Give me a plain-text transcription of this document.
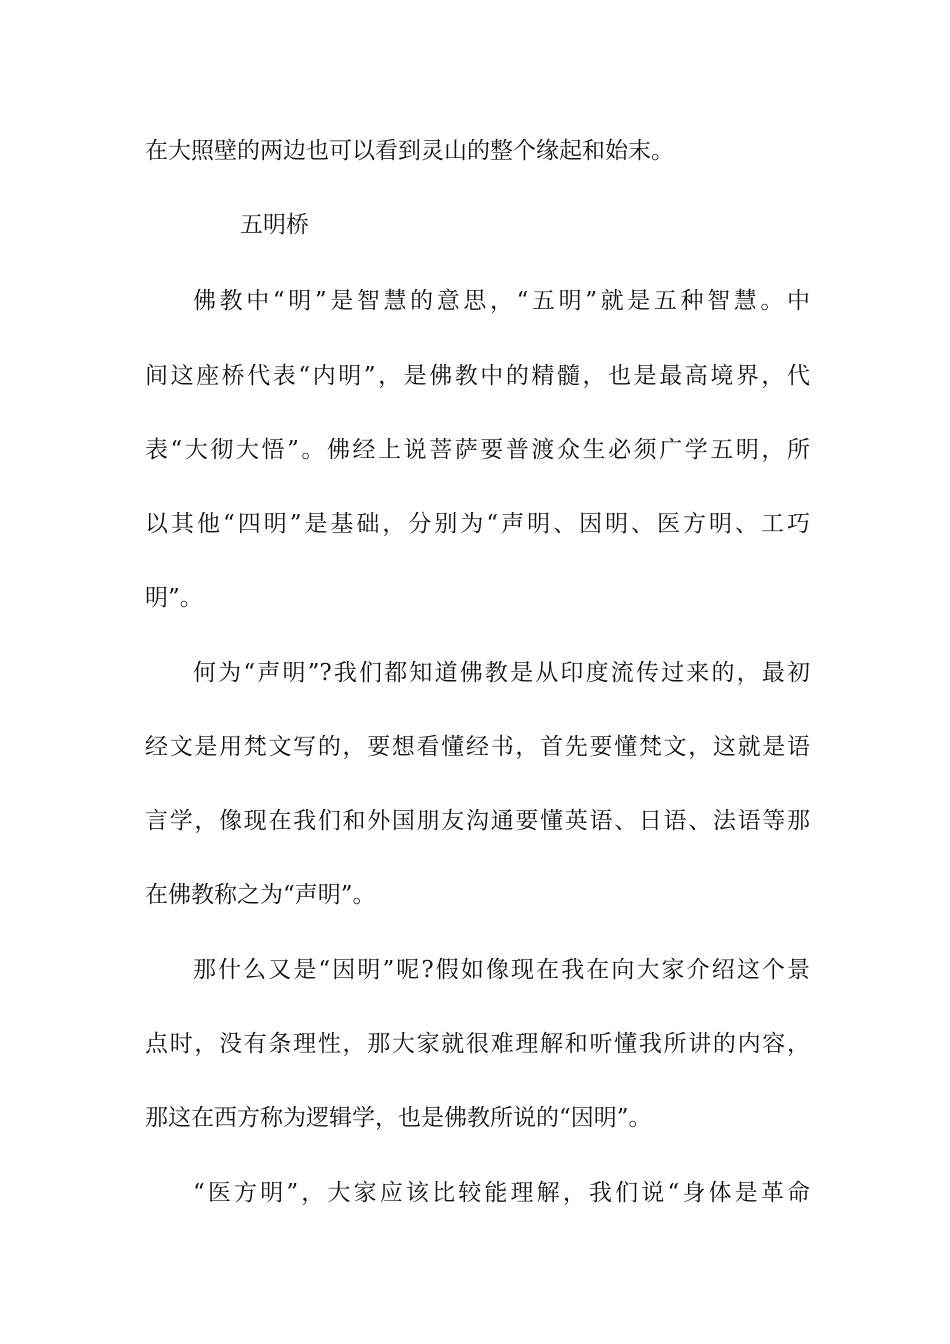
在大照壁的两边也可以看到灵山的整个缘起和始末。
五明桥
佛教中“明”是智慧的意思，“五明”就是五种智慧。中
间这座桥代表“内明”，是佛教中的精髓，也是最高境界，代
表“大彻大悟”。佛经上说菩萨要普渡众生必须广学五明，所
以其他“四明”是基础，分别为“声明、因明、医方明、工巧
明”。
何为“声明”?我们都知道佛教是从印度流传过来的，最初
经文是用梵文写的，要想看懂经书，首先要懂梵文，这就是语
言学，像现在我们和外国朋友沟通要懂英语、日语、法语等那
在佛教称之为“声明”。
那什么又是“因明”呢?假如像现在我在向大家介绍这个景
点时，没有条理性，那大家就很难理解和听懂我所讲的内容，
那这在西方称为逻辑学，也是佛教所说的“因明”。
“医方明”，大家应该比较能理解，我们说“身体是革命
